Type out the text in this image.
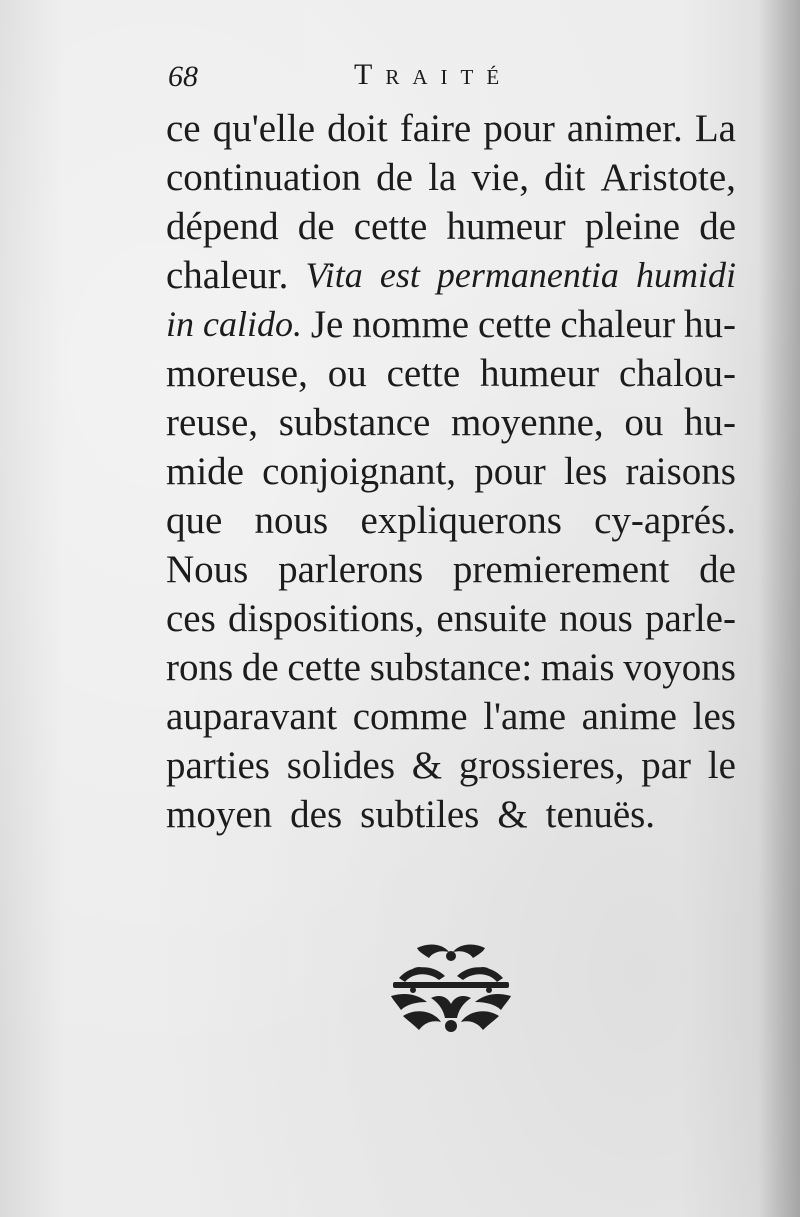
68	Traité
ce qu'elle doit faire pour animer. La
continuation de la vie, dit Aristote,
dépend de cette humeur pleine de
chaleur. Vita est permanentia humidi
in calido. Je nomme cette chaleur hu-
moreuse, ou cette humeur chalou-
reuse, substance moyenne, ou hu-
mide conjoignant, pour les raisons
que nous expliquerons cy-aprés.
Nous parlerons premierement de
ces dispositions, ensuite nous parle-
rons de cette substance: mais voyons
auparavant comme l'ame anime les
parties solides & grossieres, par le
moyen des subtiles & tenuës.
